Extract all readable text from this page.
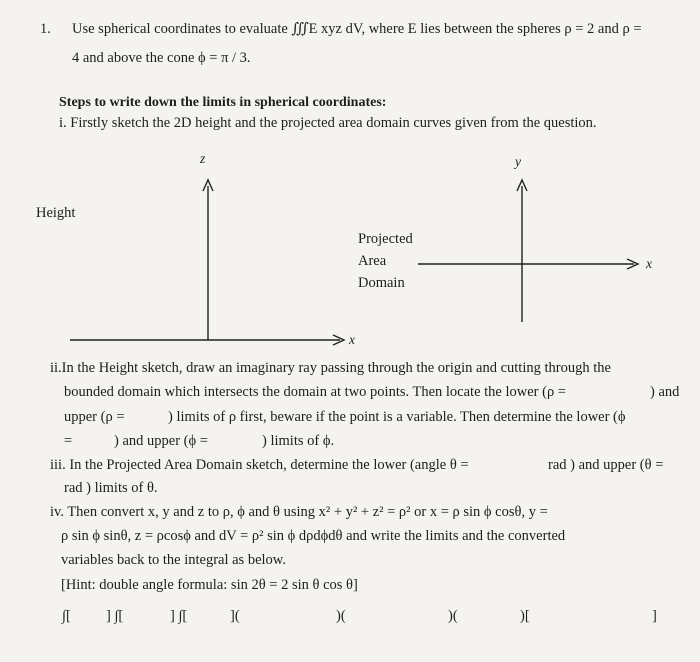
1. Use spherical coordinates to evaluate ∭E xyz dV, where E lies between the spheres ρ = 2 and ρ =
4 and above the cone ϕ = π / 3.
Steps to write down the limits in spherical coordinates:
i. Firstly sketch the 2D height and the projected area domain curves given from the question.
z
Height
x
y
Projected
Area
Domain
x
ii.In the Height sketch, draw an imaginary ray passing through the origin and cutting through the
bounded domain which intersects the domain at two points. Then locate the lower (ρ =	) and
upper (ρ =	) limits of ρ first, beware if the point is a variable. Then determine the lower (ϕ
=	) and upper (ϕ =	) limits of ϕ.
iii. In the Projected Area Domain sketch, determine the lower (angle θ =	rad ) and upper (θ =
rad ) limits of θ.
iv. Then convert x, y and z to ρ, ϕ and θ using x² + y² + z² = ρ² or x = ρ sin ϕ cosθ, y =
ρ sin ϕ sinθ, z = ρcosϕ and dV = ρ² sin ϕ dρdϕdθ and write the limits and the converted
variables back to the integral as below.
[Hint: double angle formula: sin 2θ = 2 sin θ cos θ]
∫[ ] ∫[	] ∫[	](	)(	)(	)[	]
